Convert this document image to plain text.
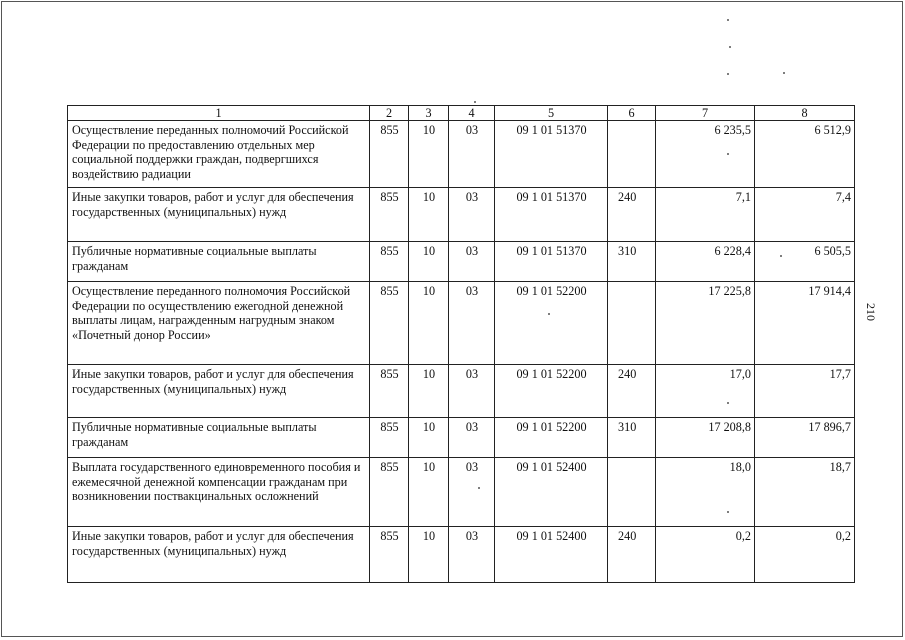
1	2	3	4	5	6	7	8
Осуществление переданных полномочий Российской Федерации по предоставлению отдельных мер социальной поддержки граждан, подвергшихся воздействию радиации	855	10	03	09 1 01 51370		6 235,5	6 512,9
Иные закупки товаров, работ и услуг для обеспечения государственных (муниципальных) нужд	855	10	03	09 1 01 51370	240	7,1	7,4
Публичные нормативные социальные выплаты гражданам	855	10	03	09 1 01 51370	310	6 228,4	6 505,5
Осуществление переданного полномочия Российской Федерации по осуществлению ежегодной денежной выплаты лицам, награжденным нагрудным знаком «Почетный донор России»	855	10	03	09 1 01 52200		17 225,8	17 914,4
Иные закупки товаров, работ и услуг для обеспечения государственных (муниципальных) нужд	855	10	03	09 1 01 52200	240	17,0	17,7
Публичные нормативные социальные выплаты гражданам	855	10	03	09 1 01 52200	310	17 208,8	17 896,7
Выплата государственного единовременного пособия и ежемесячной денежной компенсации гражданам при возникновении поствакцинальных осложнений	855	10	03	09 1 01 52400		18,0	18,7
Иные закупки товаров, работ и услуг для обеспечения государственных (муниципальных) нужд	855	10	03	09 1 01 52400	240	0,2	0,2
210
